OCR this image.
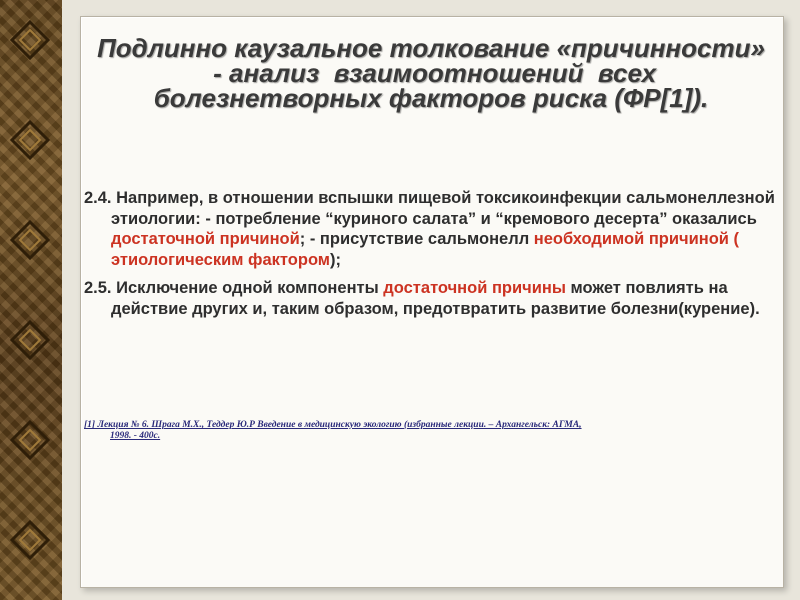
Подлинно каузальное толкование «причинности»
- анализ  взаимоотношений  всех
болезнетворных факторов риска (ФР[1]).

2.4. Например, в отношении вспышки пищевой токсикоинфекции сальмонеллезной этиологии: - потребление “куриного салата” и “кремового десерта” оказались достаточной причиной; - присутствие сальмонелл необходимой причиной ( этиологическим фактором);

2.5. Исключение одной компоненты достаточной причины может повлиять на действие других и, таким образом, предотвратить развитие болезни(курение).

[1] Лекция № 6. Шрага М.Х., Теддер Ю.Р Введение в медицинскую экологию (избранные лекции. – Архангельск: АГМА,
1998. - 400с.
